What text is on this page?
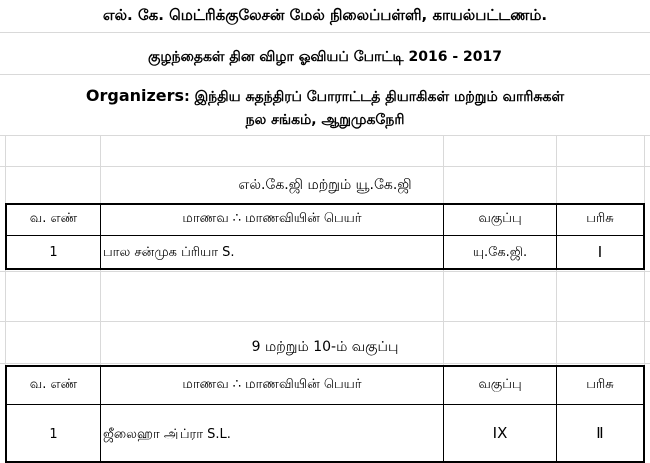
எல். கே. மெட்ரிக்குலேசன் மேல் நிலைப்பள்ளி, காயல்பட்டணம்.
குழந்தைகள் தின விழா ஓவியப் போட்டி 2016 - 2017
Organizers: இந்திய சுதந்திரப் போராட்டத் தியாகிகள் மற்றும் வாரிசுகள்
நல சங்கம், ஆறுமுகநேரி
எல்.கே.ஜி மற்றும் யூ.கே.ஜி
வ. எண்	மாணவ ∴ மாணவியின் பெயர்	வகுப்பு	பரிசு
1	பால சன்முக ப்ரியா S.	யு.கே.ஜி.	I
9 மற்றும் 10-ம் வகுப்பு
வ. எண்	மாணவ ∴ மாணவியின் பெயர்	வகுப்பு	பரிசு
1	ஜீலைஹா அ்ப்ரா S.L.	IX	Ⅱ
